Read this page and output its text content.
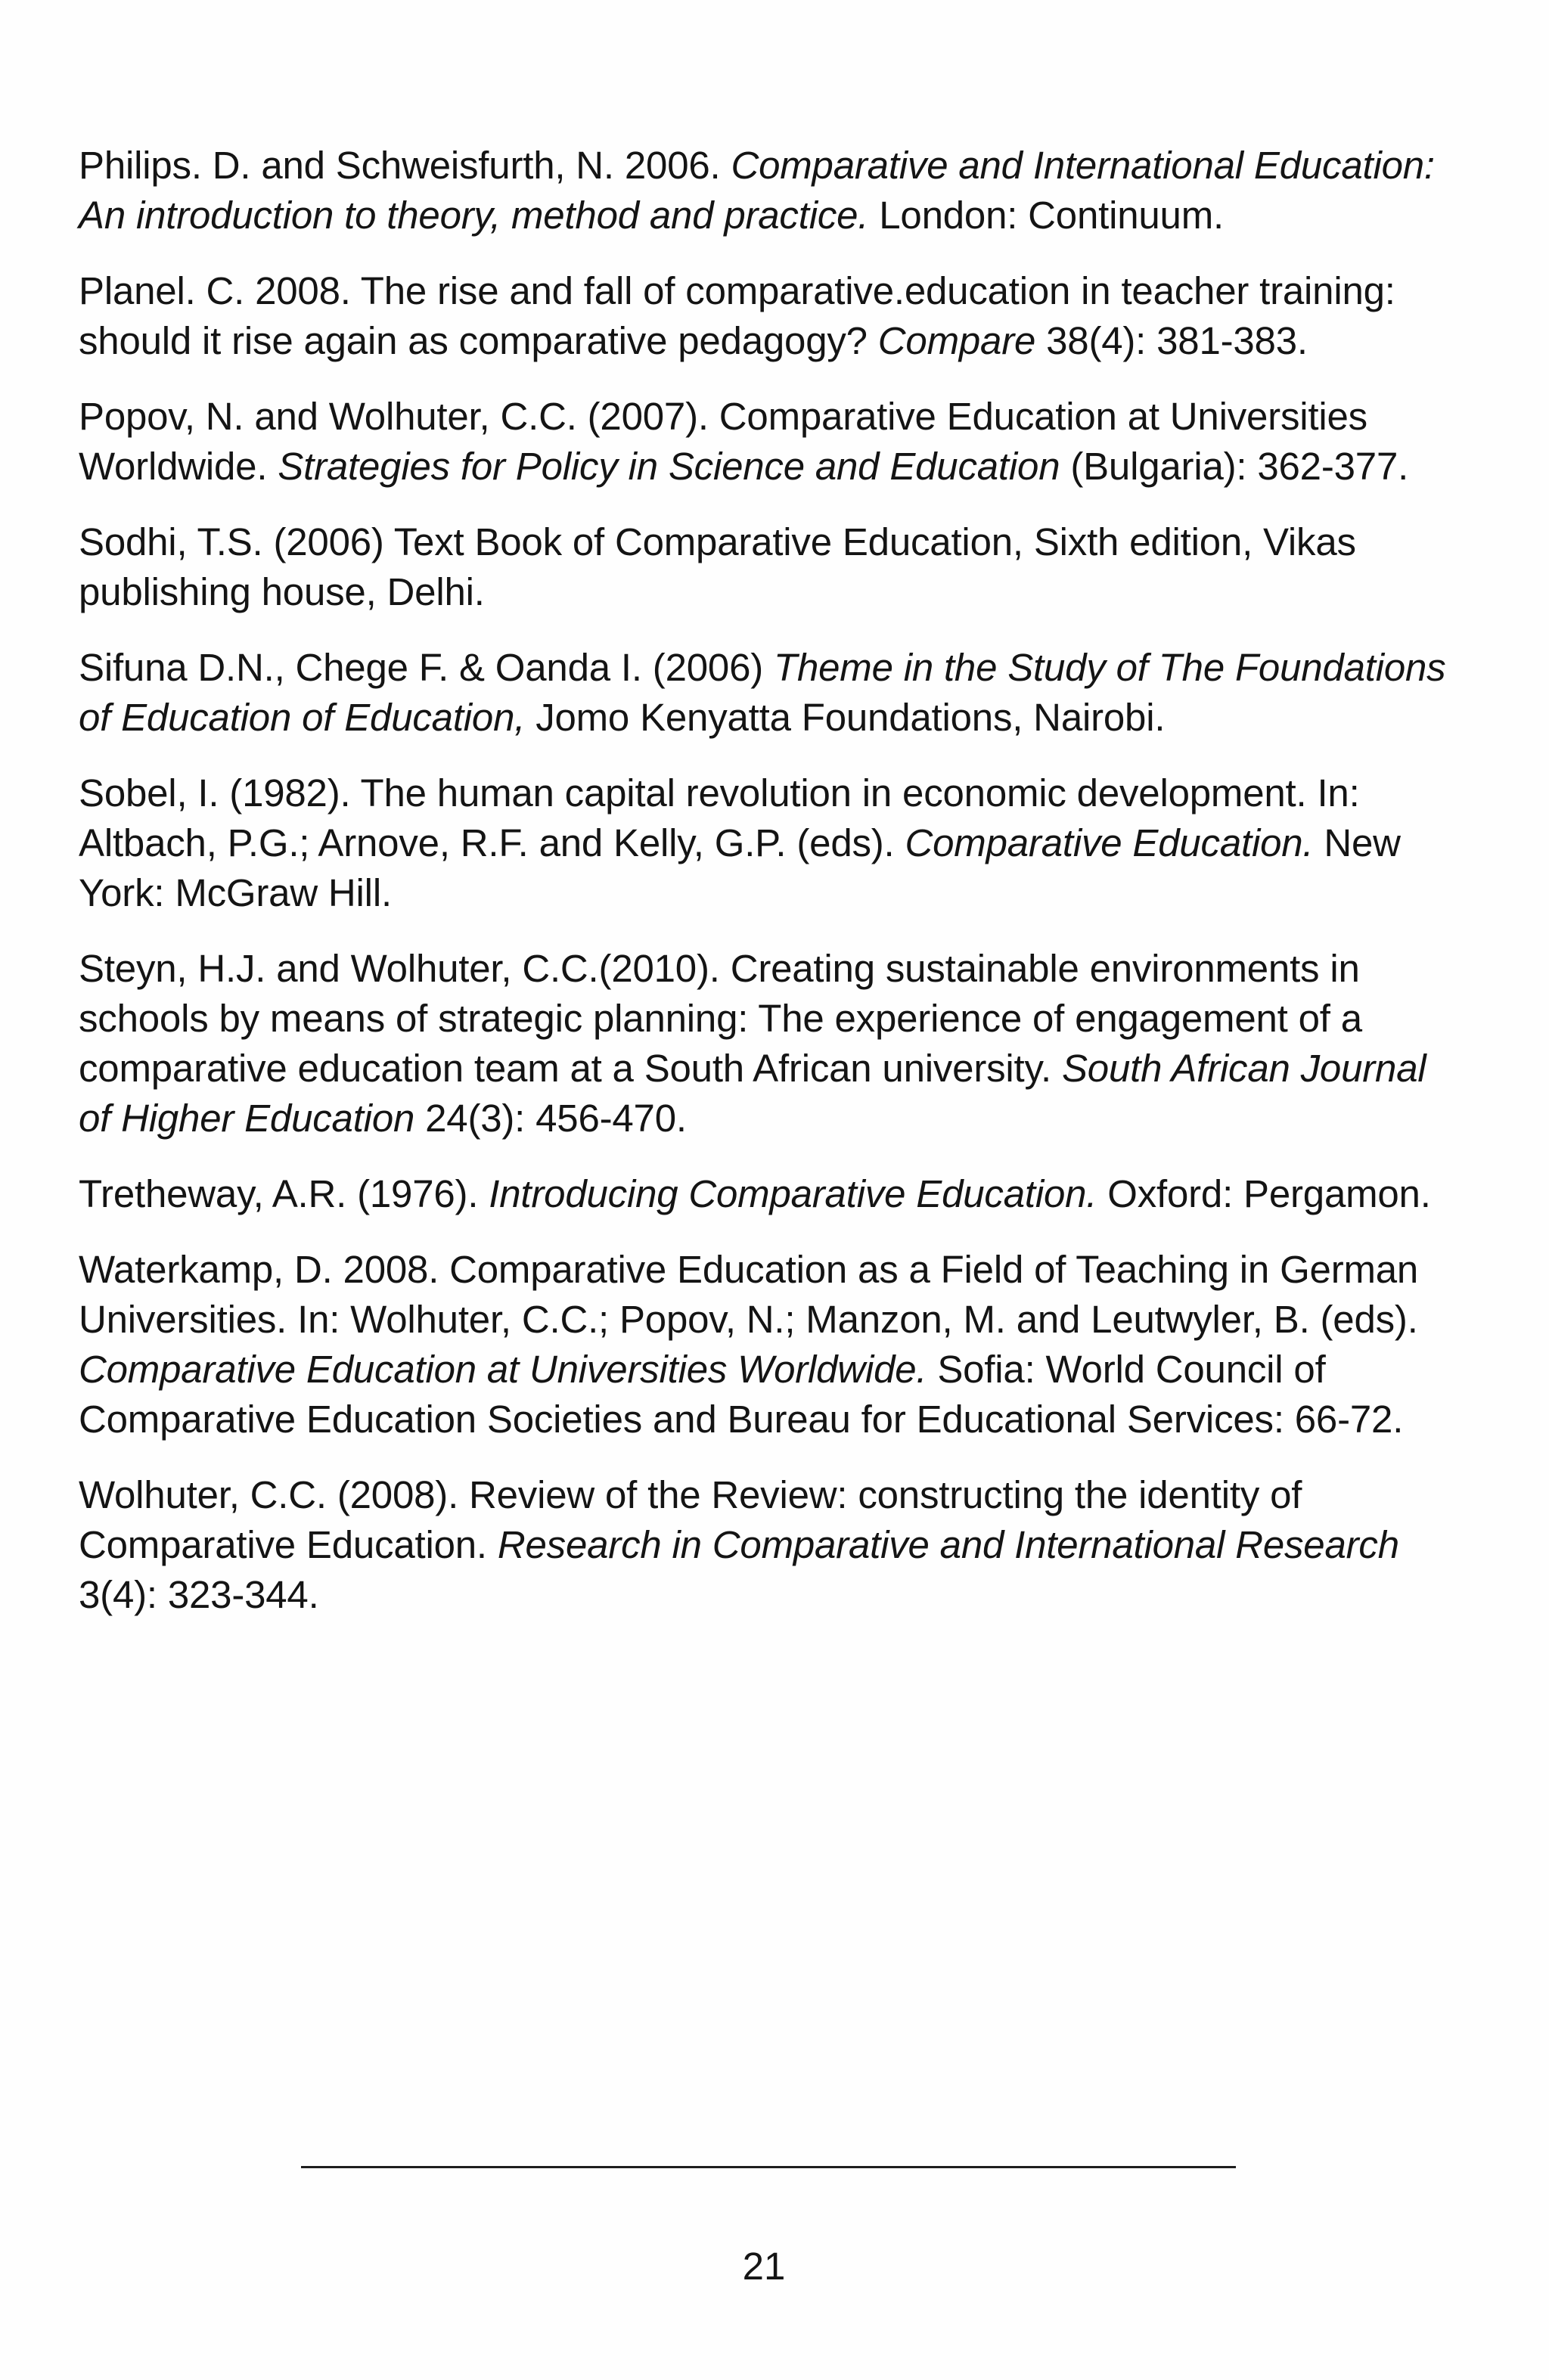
Philips. D. and Schweisfurth, N. 2006. Comparative and International Education: An introduction to theory, method and practice. London: Continuum.

Planel. C. 2008. The rise and fall of comparative.education in teacher training: should it rise again as comparative pedagogy? Compare 38(4): 381-383.

Popov, N. and Wolhuter, C.C. (2007). Comparative Education at Universities Worldwide. Strategies for Policy in Science and Education (Bulgaria): 362-377.

Sodhi, T.S. (2006) Text Book of Comparative Education, Sixth edition, Vikas publishing house, Delhi.

Sifuna D.N., Chege F. & Oanda I. (2006) Theme in the Study of The Foundations of Education of Education, Jomo Kenyatta Foundations, Nairobi.

Sobel, I. (1982). The human capital revolution in economic development. In: Altbach, P.G.; Arnove, R.F. and Kelly, G.P. (eds). Comparative Education. New York: McGraw Hill.

Steyn, H.J. and Wolhuter, C.C.(2010). Creating sustainable environments in schools by means of strategic planning: The experience of engagement of a comparative education team at a South African university. South African Journal of Higher Education 24(3): 456-470.

Tretheway, A.R. (1976). Introducing Comparative Education. Oxford: Pergamon.

Waterkamp, D. 2008. Comparative Education as a Field of Teaching in German Universities. In: Wolhuter, C.C.; Popov, N.; Manzon, M. and Leutwyler, B. (eds). Comparative Education at Universities Worldwide. Sofia: World Council of Comparative Education Societies and Bureau for Educational Services: 66-72.

Wolhuter, C.C. (2008). Review of the Review: constructing the identity of Comparative Education. Research in Comparative and International Research 3(4): 323-344.

21
